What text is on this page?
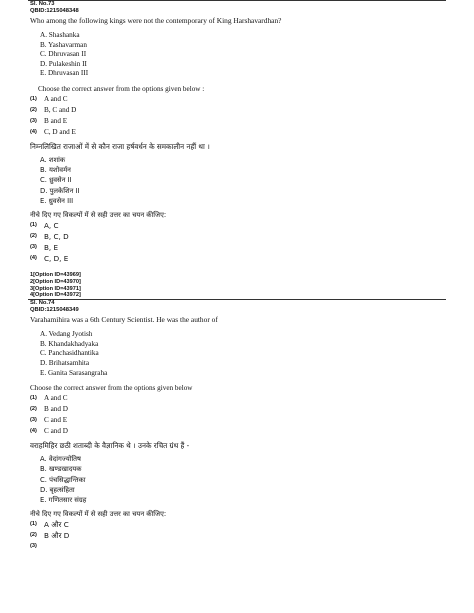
Sl. No.73
QBID:1215048348
Who among the following kings were not the contemporary of King Harshavardhan?
A. Shashanka
B. Yashavarman
C. Dhruvasan II
D. Pulakeshin II
E. Dhruvasan III
Choose the correct answer from the options given below :
(1) A and C
(2) B, C and D
(3) B and E
(4) C, D and E
निम्नलिखित राजाओं में से कौन राजा हर्षवर्धन के समकालीन नहीं था ।
A. शशांक
B. यशोवर्मन
C. ध्रुवसेन II
D. पुलकेशिन II
E. ध्रुवसेन III
नीचे दिए गए विकल्पों में से सही उत्तर का चयन कीजिए:
(1) A, C
(2) B, C, D
(3) B, E
(4) C, D, E
1[Option ID=43969]
2[Option ID=43970]
3[Option ID=43971]
4[Option ID=43972]
Sl. No.74
QBID:1215048349
Varahamihira was a 6th Century Scientist. He was the author of
A. Vedang Jyotish
B. Khandakhadyaka
C. Panchasidhantika
D. Brihatsamhita
E. Ganita Sarasangraha
Choose the correct answer from the options given below
(1) A and C
(2) B and D
(3) C and E
(4) C and D
वराहमिहिर छठी शताब्दी के वैज्ञानिक थे । उनके रचित ग्रंथ हैं -
A. वेदांगज्योतिष
B. खण्डखादयक
C. पंचसिद्धान्तिका
D. बृहत्संहिता
E. गणितसार संग्रह
नीचे दिए गए विकल्पों में से सही उत्तर का चयन कीजिए:
(1) A और C
(2) B और D
(3)
